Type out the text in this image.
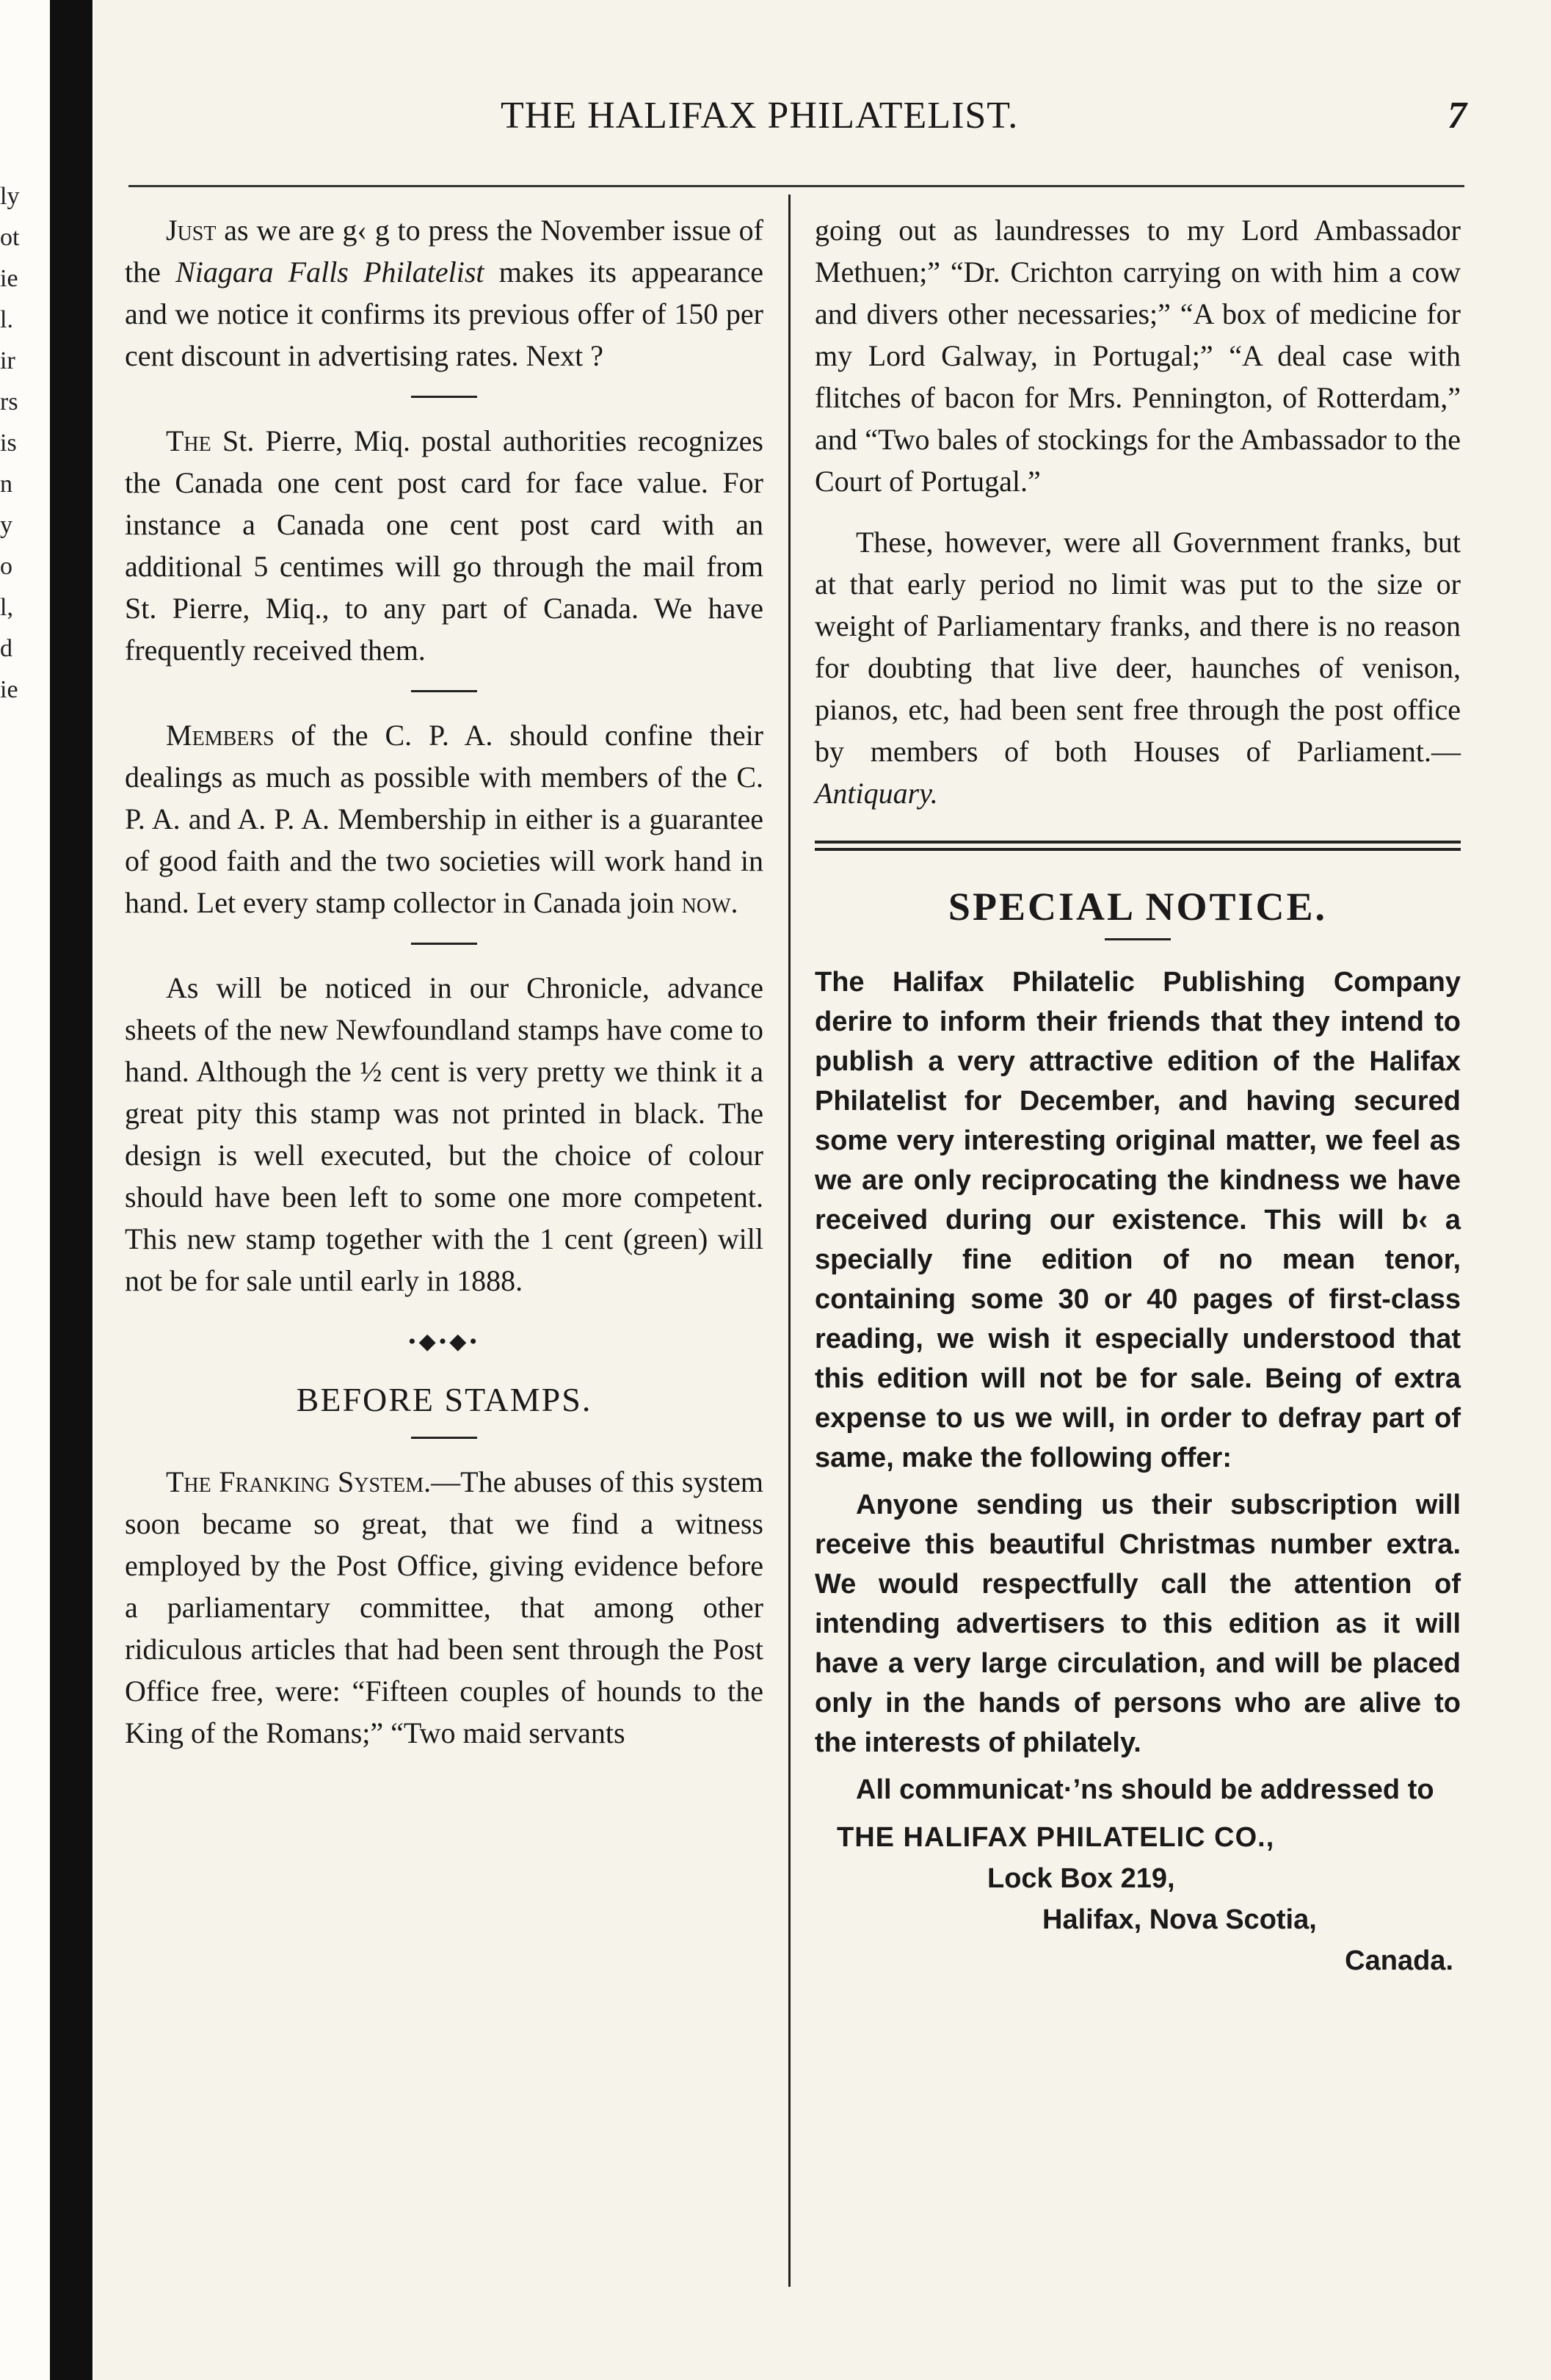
ly
ot
ie
l.
ir
rs
is
n
y
o
l,
d
ie
THE HALIFAX PHILATELIST.	7

Just as we are g‹ g to press the November issue of the Niagara Falls Philatelist makes its appearance and we notice it confirms its previous offer of 150 per cent discount in advertising rates. Next ?

The St. Pierre, Miq. postal authorities recognizes the Canada one cent post card for face value. For instance a Canada one cent post card with an additional 5 centimes will go through the mail from St. Pierre, Miq., to any part of Canada. We have frequently received them.

Members of the C. P. A. should confine their dealings as much as possible with members of the C. P. A. and A. P. A. Membership in either is a guarantee of good faith and the two societies will work hand in hand. Let every stamp collector in Canada join now.

As will be noticed in our Chronicle, advance sheets of the new Newfoundland stamps have come to hand. Although the ½ cent is very pretty we think it a great pity this stamp was not printed in black. The design is well executed, but the choice of colour should have been left to some one more competent. This new stamp together with the 1 cent (green) will not be for sale until early in 1888.

•◆•◆•
BEFORE STAMPS.

The Franking System.—The abuses of this system soon became so great, that we find a witness employed by the Post Office, giving evidence before a parliamentary committee, that among other ridiculous articles that had been sent through the Post Office free, were: “Fifteen couples of hounds to the King of the Romans;” “Two maid servants

going out as laundresses to my Lord Ambassador Methuen;” “Dr. Crichton carrying on with him a cow and divers other necessaries;” “A box of medicine for my Lord Galway, in Portugal;” “A deal case with flitches of bacon for Mrs. Pennington, of Rotterdam,” and “Two bales of stockings for the Ambassador to the Court of Portugal.”

These, however, were all Government franks, but at that early period no limit was put to the size or weight of Parliamentary franks, and there is no reason for doubting that live deer, haunches of venison, pianos, etc, had been sent free through the post office by members of both Houses of Parliament.—Antiquary.

SPECIAL NOTICE.

The Halifax Philatelic Publishing Company derire to inform their friends that they intend to publish a very attractive edition of the Halifax Philatelist for December, and having secured some very interesting original matter, we feel as we are only reciprocating the kindness we have received during our existence. This will b‹ a specially fine edition of no mean tenor, containing some 30 or 40 pages of first-class reading, we wish it especially understood that this edition will not be for sale. Being of extra expense to us we will, in order to defray part of same, make the following offer:

Anyone sending us their subscription will receive this beautiful Christmas number extra. We would respectfully call the attention of intending advertisers to this edition as it will have a very large circulation, and will be placed only in the hands of persons who are alive to the interests of philately.

All communicat·’ns should be addressed to

THE HALIFAX PHILATELIC CO.,
Lock Box 219,
Halifax, Nova Scotia,
Canada.
